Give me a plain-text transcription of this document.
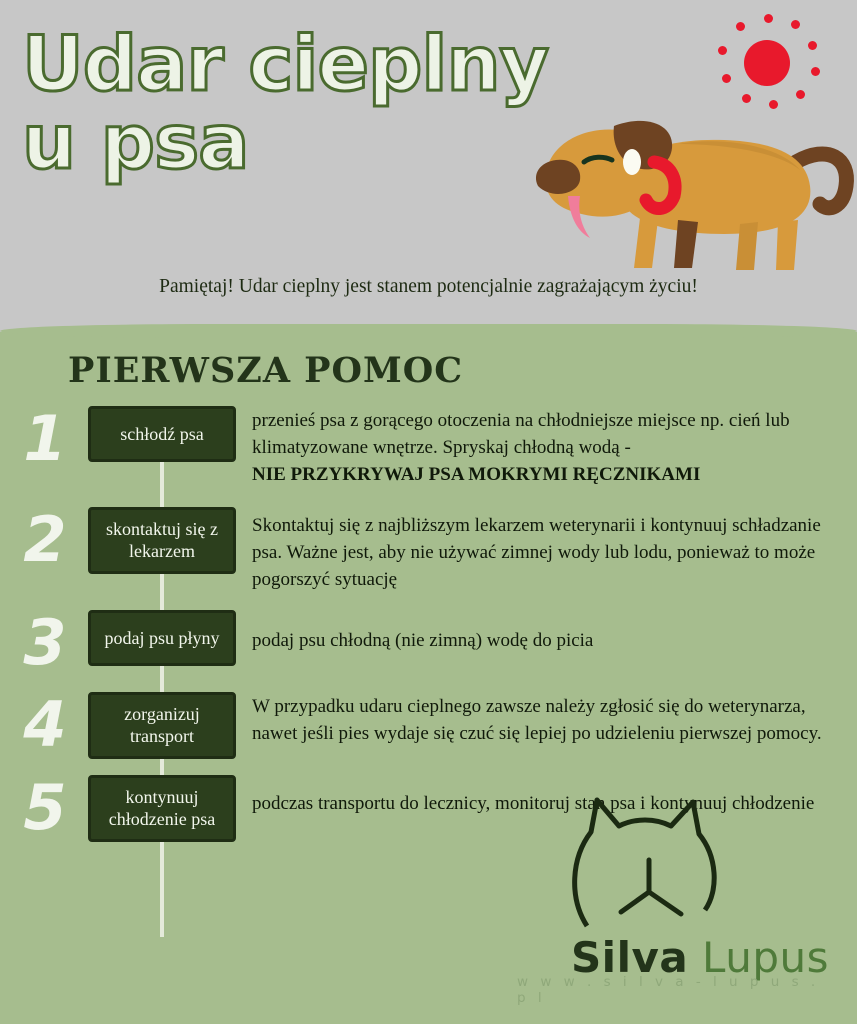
Udar cieplny
u psa
Pamiętaj! Udar cieplny jest stanem potencjalnie zagrażającym życiu!
PIERWSZA POMOC
1	schłodź psa
przenieś psa z gorącego otoczenia na chłodniejsze miejsce np. cień lub klimatyzowane wnętrze. Spryskaj chłodną wodą -
NIE PRZYKRYWAJ PSA MOKRYMI RĘCZNIKAMI
2	skontaktuj się z lekarzem
Skontaktuj się z najbliższym lekarzem weterynarii i kontynuuj schładzanie psa. Ważne jest, aby nie używać zimnej wody lub lodu, ponieważ to może pogorszyć sytuację
3	podaj psu płyny	podaj psu chłodną (nie zimną) wodę do picia
4	zorganizuj transport
W przypadku udaru cieplnego zawsze należy zgłosić się do weterynarza, nawet jeśli pies wydaje się czuć się lepiej po udzieleniu pierwszej pomocy.
5	kontynuuj chłodzenie psa
podczas transportu do lecznicy, monitoruj stan psa i kontynuuj chłodzenie
Silva Lupus
w w w . s i l v a - l u p u s . p l
